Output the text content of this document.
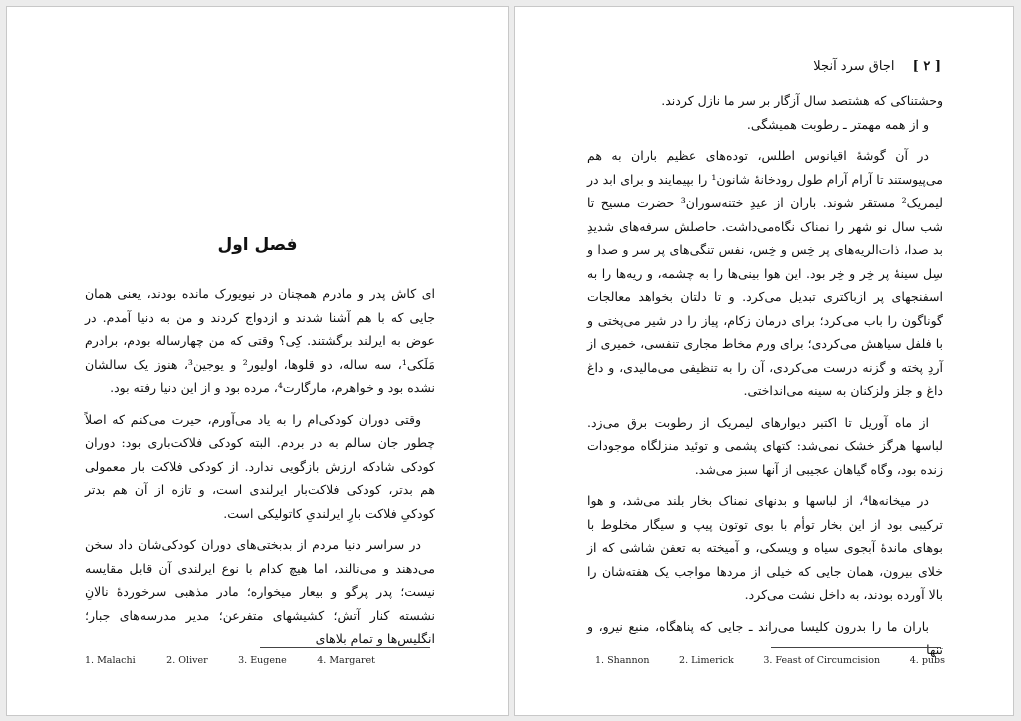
فصل اول

ای کاش پدر و مادرم همچنان در نیویورک مانده بودند، یعنی همان جایی که با هم آشنا شدند و ازدواج کردند و من به دنیا آمدم. در عوض به ایرلند برگشتند. کِی؟ وقتی که من چهارساله بودم، برادرم مَلَکی¹، سه ساله، دو قلوها، اولیور² و یوجین³، هنوز یک سالشان نشده بود و خواهرم، مارگارت⁴، مرده بود و از این دنیا رفته بود.

وقتی دوران کودکی‌ام را به یاد می‌آورم، حیرت می‌کنم که اصلاً چطور جان سالم به در بردم. البته کودکی فلاکت‌باری بود: دوران کودکی شادکه ارزش بازگویی ندارد. از کودکی فلاکت بار معمولی هم بدتر، کودکی فلاکت‌بار ایرلندی است، و تازه از آن هم بدتر کودکیِ فلاکت بارِ ایرلندیِ کاتولیکی است.

در سراسر دنیا مردم از بدبختی‌های دوران کودکی‌شان داد سخن می‌دهند و می‌نالند، اما هیچ کدام با نوع ایرلندی آن قابل مقایسه نیست؛ پدر پرگو و بیعار میخواره؛ مادر مذهبی سرخوردهٔ نالانِ نشسته کنار آتش؛ کشیشهای متفرعن؛ مدیر مدرسه‌های جبار؛ انگلیس‌ها و تمام بلاهای

1. Malachi	2. Oliver	3. Eugene	4. Margaret
[ ۲ ] اجاق سرد آنجلا

وحشتناکی که هشتصد سال آزگار بر سر ما نازل کردند.

و از همه مهمتر ـ رطوبت همیشگی.

در آن گوشهٔ اقیانوس اطلس، توده‌های عظیم باران به هم می‌پیوستند تا آرام آرام طول رودخانهٔ شانون¹ را بپیمایند و برای ابد در لیمریک² مستقر شوند. باران از عیدِ ختنه‌سوران³ حضرت مسیح تا شب سال نو شهر را نمناک نگاه‌می‌داشت. حاصلش سرفه‌های شدیدِ بد صدا، ذات‌الریه‌های پر خِس و خِس، نفس تنگی‌های پر سر و صدا و سِل سینهٔ پر خِر و خِر بود. این هوا بینی‌ها را به چشمه، و ریه‌ها را به اسفنجهای پر ازباکتری تبدیل می‌کرد. و تا دلتان بخواهد معالجات گوناگون را باب می‌کرد؛ برای درمان زکام، پیاز را در شیر می‌پختی و با فلفل سیاهش می‌کردی؛ برای ورم مخاط مجاری تنفسی، خمیری از آردِ پخته و گزنه درست می‌کردی، آن را به تنظیفی می‌مالیدی، و داغ داغ و جلز ولزکنان به سینه می‌انداختی.

از ماه آوریل تا اکتبر دیوارهای لیمریک از رطوبت برق می‌زد. لباسها هرگز خشک نمی‌شد: کتهای پشمی و توئید منزلگاه موجودات زنده بود، وگاه گیاهان عجیبی از آنها سبز می‌شد.

در میخانه‌ها⁴، از لباسها و بدنهای نمناک بخار بلند می‌شد، و هوا ترکیبی بود از این بخار توأم با بوی توتون پیپ و سیگار مخلوط با بوهای ماندهٔ آبجوی سیاه و ویسکی، و آمیخته به تعفن شاشی که از خلای بیرون، همان جایی که خیلی از مردها مواجب یک هفته‌شان را بالا آورده بودند، به داخل نشت می‌کرد.

باران ما را بدرون کلیسا می‌راند ـ جایی که پناهگاه، منبع نیرو، و تنها

1. Shannon	2. Limerick	3. Feast of Circumcision	4. pubs
